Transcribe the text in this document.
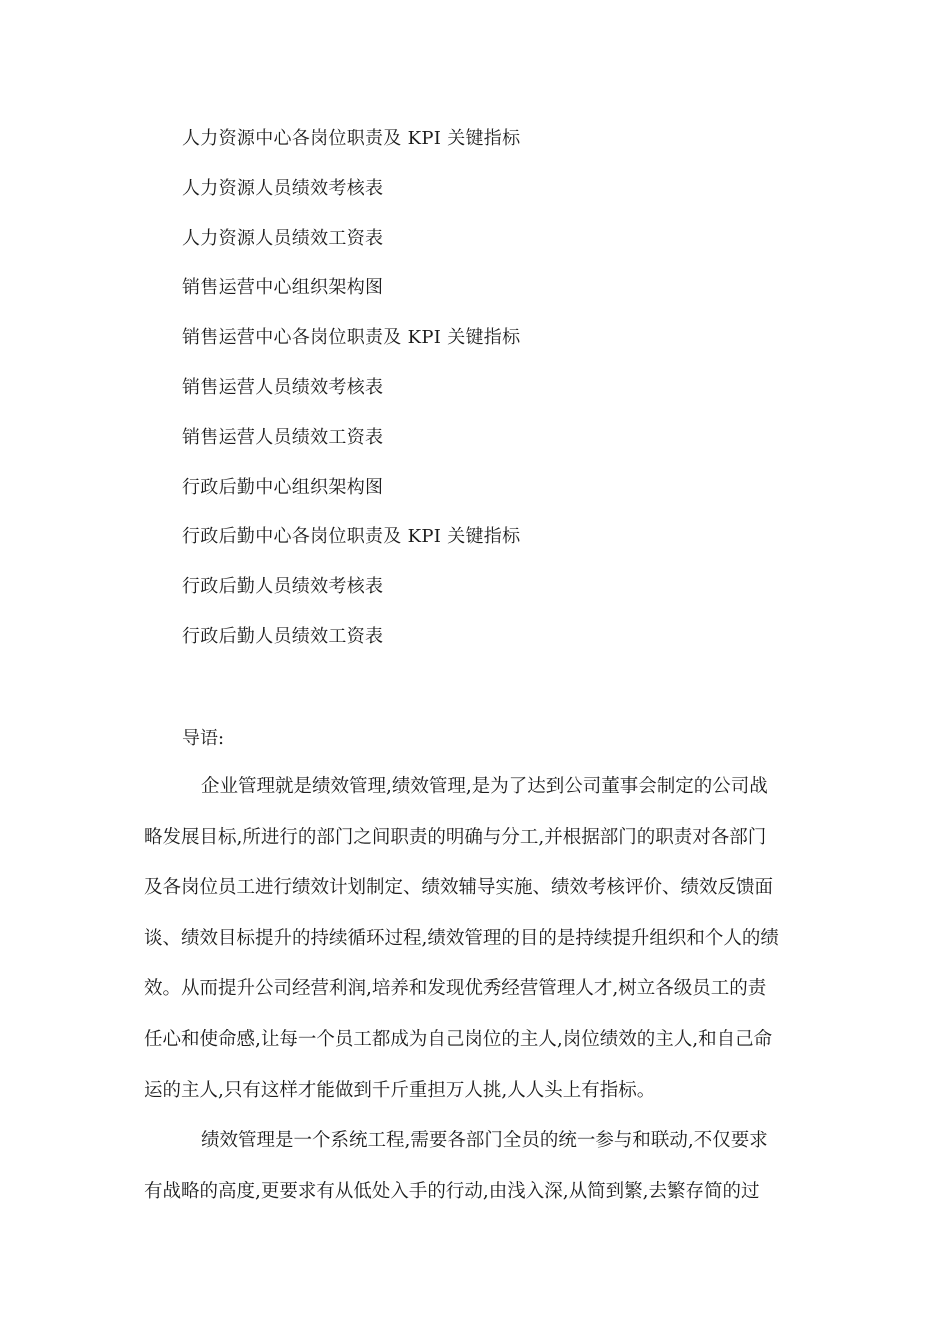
人力资源中心各岗位职责及 KPI 关键指标
人力资源人员绩效考核表
人力资源人员绩效工资表
销售运营中心组织架构图
销售运营中心各岗位职责及 KPI 关键指标
销售运营人员绩效考核表
销售运营人员绩效工资表
行政后勤中心组织架构图
行政后勤中心各岗位职责及 KPI 关键指标
行政后勤人员绩效考核表
行政后勤人员绩效工资表
导语:
企业管理就是绩效管理,绩效管理,是为了达到公司董事会制定的公司战
略发展目标,所进行的部门之间职责的明确与分工,并根据部门的职责对各部门
及各岗位员工进行绩效计划制定、绩效辅导实施、绩效考核评价、绩效反馈面
谈、绩效目标提升的持续循环过程,绩效管理的目的是持续提升组织和个人的绩
效。从而提升公司经营利润,培养和发现优秀经营管理人才,树立各级员工的责
任心和使命感,让每一个员工都成为自己岗位的主人,岗位绩效的主人,和自己命
运的主人,只有这样才能做到千斤重担万人挑,人人头上有指标。
绩效管理是一个系统工程,需要各部门全员的统一参与和联动,不仅要求
有战略的高度,更要求有从低处入手的行动,由浅入深,从简到繁,去繁存简的过
